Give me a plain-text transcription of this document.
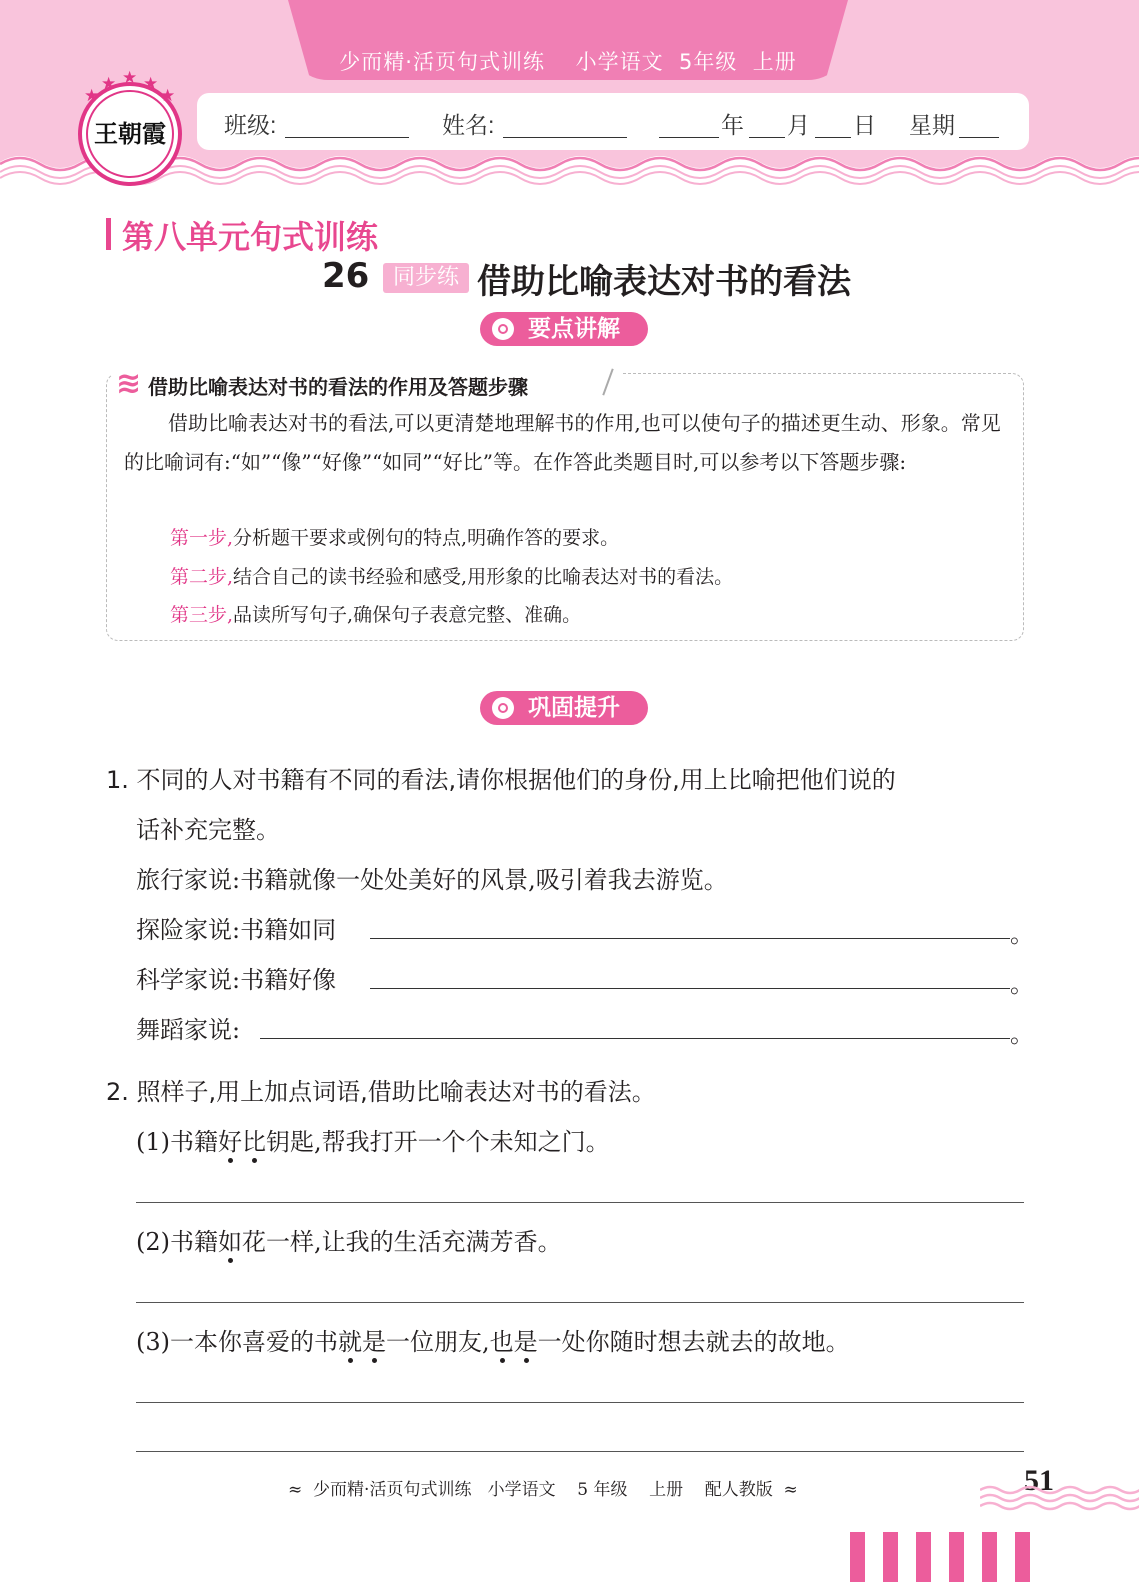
少而精·活页句式训练    小学语文  5年级  上册
班级:	姓名:	年 月 日 星期
王朝霞
★
★ ★ ★
★
第八单元句式训练
26	同步练 借助比喻表达对书的看法
要点讲解
≋ 借助比喻表达对书的看法的作用及答题步骤
借助比喻表达对书的看法,可以更清楚地理解书的作用,也可以使句子的描述更生动、形象。常见的比喻词有:“如”“像”“好像”“如同”“好比”等。在作答此类题目时,可以参考以下答题步骤:
第一步,分析题干要求或例句的特点,明确作答的要求。
第二步,结合自己的读书经验和感受,用形象的比喻表达对书的看法。
第三步,品读所写句子,确保句子表意完整、准确。
巩固提升
1. 不同的人对书籍有不同的看法,请你根据他们的身份,用上比喻把他们说的
话补充完整。
旅行家说:书籍就像一处处美好的风景,吸引着我去游览。
探险家说:书籍如同	。
科学家说:书籍好像	。
舞蹈家说:	。
2. 照样子,用上加点词语,借助比喻表达对书的看法。
(1)书籍好比
钥匙,帮我打开一个个未知之门。
(2)书籍如
花一样,让我的生活充满芳香。
(3)一本你喜爱的书就是
一位朋友,也是
一处你随时想去就去的故地。
≈  少而精·活页句式训练   小学语文    5 年级    上册    配人教版  ≈	51
